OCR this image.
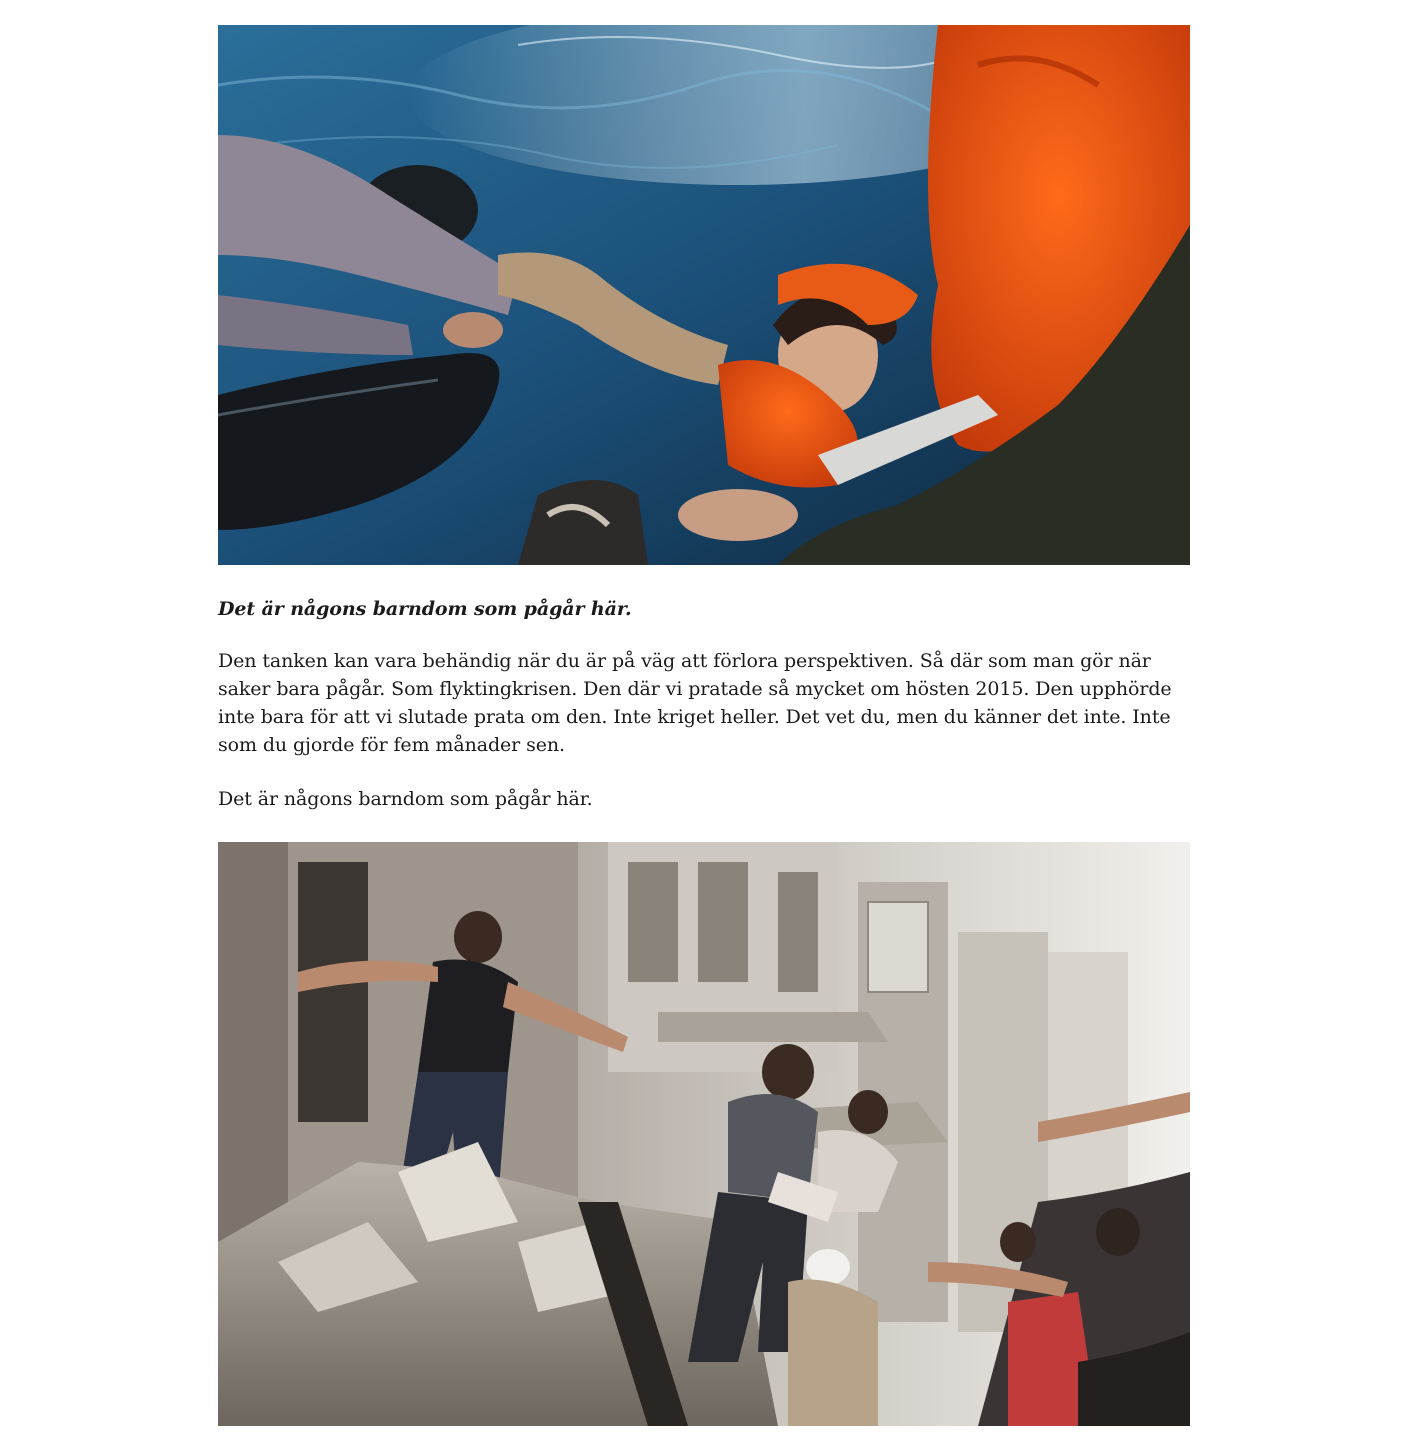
Det är någons barndom som pågår här.

Den tanken kan vara behändig när du är på väg att förlora perspektiven. Så där som man gör när saker bara pågår. Som flyktingkrisen. Den där vi pratade så mycket om hösten 2015. Den upphörde inte bara för att vi slutade prata om den. Inte kriget heller. Det vet du, men du känner det inte. Inte som du gjorde för fem månader sen.

Det är någons barndom som pågår här.
